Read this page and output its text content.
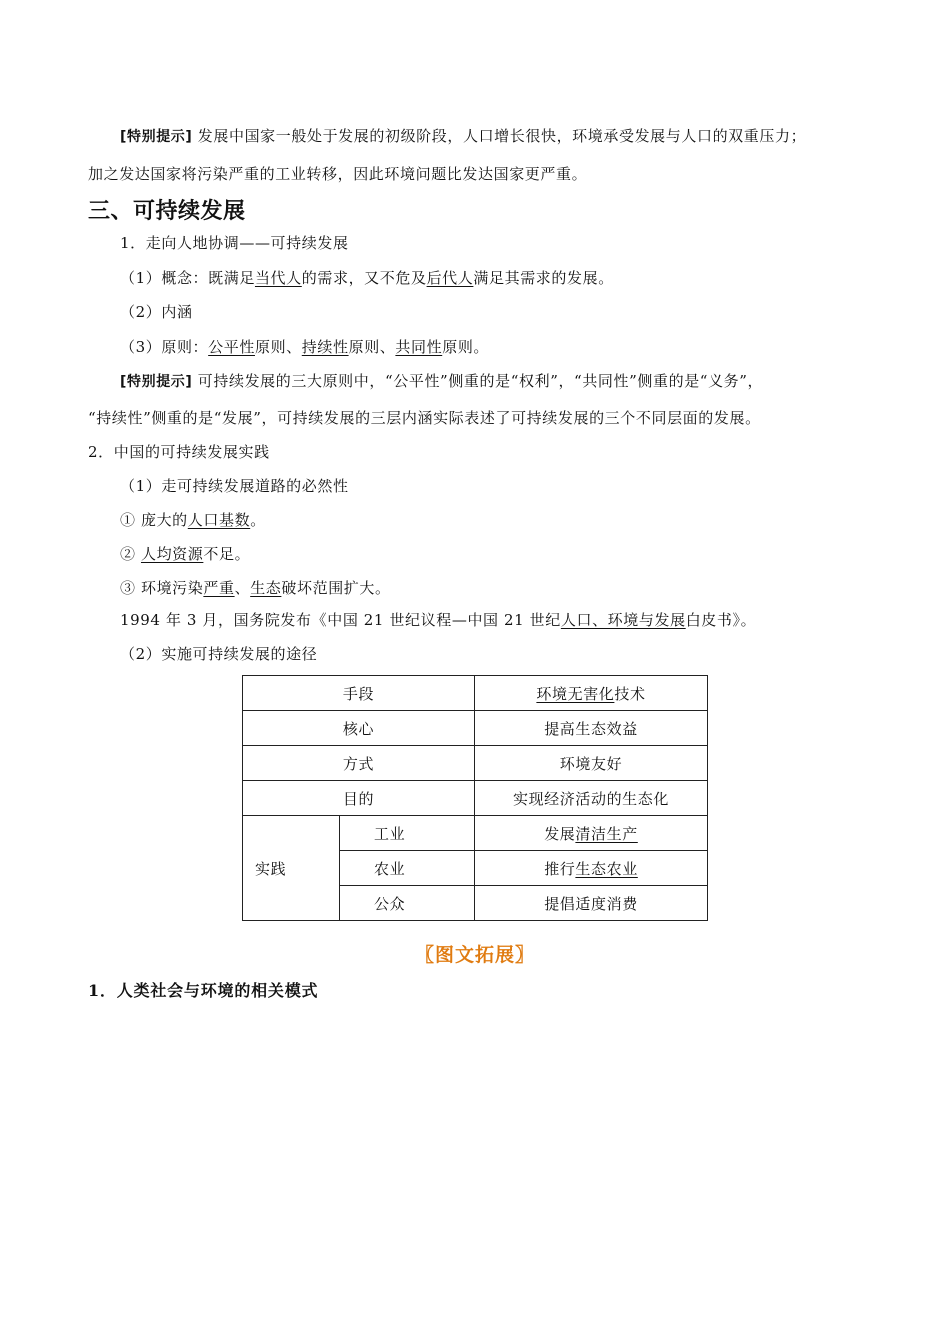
[特别提示] 发展中国家一般处于发展的初级阶段，人口增长很快，环境承受发展与人口的双重压力；
加之发达国家将污染严重的工业转移，因此环境问题比发达国家更严重。
三、可持续发展
1．走向人地协调——可持续发展
（1）概念：既满足当代人的需求，又不危及后代人满足其需求的发展。
（2）内涵
（3）原则：公平性原则、持续性原则、共同性原则。
[特别提示] 可持续发展的三大原则中，“公平性”侧重的是“权利”，“共同性”侧重的是“义务”，
“持续性”侧重的是“发展”，可持续发展的三层内涵实际表述了可持续发展的三个不同层面的发展。
2．中国的可持续发展实践
（1）走可持续发展道路的必然性
① 庞大的人口基数。
② 人均资源不足。
③ 环境污染严重、生态破坏范围扩大。
1994 年 3 月，国务院发布《中国 21 世纪议程—中国 21 世纪人口、环境与发展白皮书》。
（2）实施可持续发展的途径
手段		环境无害化技术
核心		提高生态效益
方式		环境友好
目的		实现经济活动的生态化
实践	工业	发展清洁生产
	农业	推行生态农业
	公众	提倡适度消费
〖图文拓展〗
1．人类社会与环境的相关模式
